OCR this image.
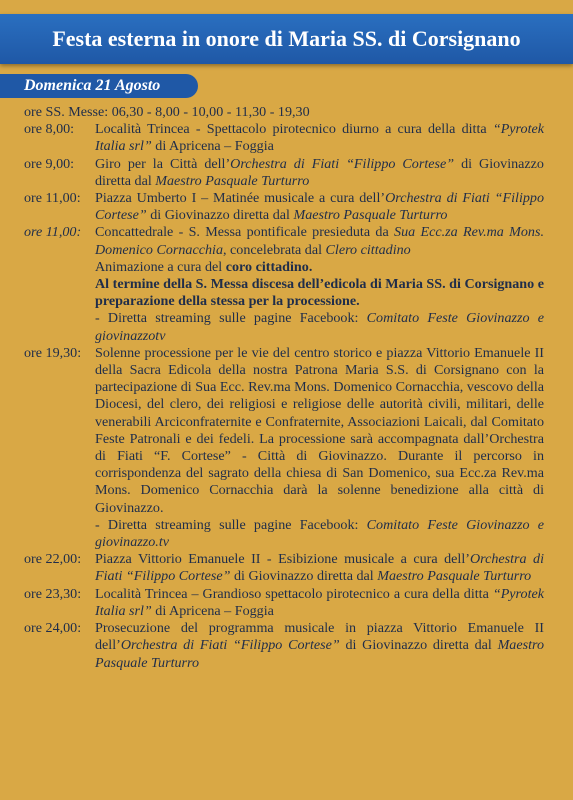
Festa esterna in onore di Maria SS. di Corsignano
Domenica 21 Agosto
ore SS. Messe: 06,30 - 8,00 - 10,00 - 11,30 - 19,30
ore 8,00:	Località Trincea - Spettacolo pirotecnico diurno a cura della ditta “Pyrotek Italia srl” di Apricena – Foggia
ore 9,00:	Giro per la Città dell’Orchestra di Fiati “Filippo Cortese” di Giovinazzo diretta dal Maestro Pasquale Turturro
ore 11,00:	Piazza Umberto I – Matinée musicale a cura dell’Orchestra di Fiati “Filippo Cortese” di Giovinazzo diretta dal Maestro Pasquale Turturro
ore 11,00: Concattedrale - S. Messa pontificale presieduta da Sua Ecc.za Rev.ma Mons. Domenico Cornacchia, concelebrata dal Clero cittadino
Animazione a cura del coro cittadino.
Al termine della S. Messa discesa dell’edicola di Maria SS. di Corsignano e preparazione della stessa per la processione.
- Diretta streaming sulle pagine Facebook: Comitato Feste Giovinazzo e giovinazzotv
ore 19,30: Solenne processione per le vie del centro storico e piazza Vittorio Emanuele II della Sacra Edicola della nostra Patrona Maria S.S. di Corsignano con la partecipazione di Sua Ecc. Rev.ma Mons. Domenico Cornacchia, vescovo della Diocesi, del clero, dei religiosi e religiose delle autorità civili, militari, delle venerabili Arciconfraternite e Confraternite, Associazioni Laicali, dal Comitato Feste Patronali e dei fedeli. La processione sarà accompagnata dall’Orchestra di Fiati “F. Cortese” - Città di Giovinazzo. Durante il percorso in corrispondenza del sagrato della chiesa di San Domenico, sua Ecc.za Rev.ma Mons. Domenico Cornacchia darà la solenne benedizione alla città di Giovinazzo.
- Diretta streaming sulle pagine Facebook: Comitato Feste Giovinazzo e giovinazzo.tv
ore 22,00: Piazza Vittorio Emanuele II - Esibizione musicale a cura dell’Orchestra di Fiati “Filippo Cortese” di Giovinazzo diretta dal Maestro Pasquale Turturro
ore 23,30: Località Trincea – Grandioso spettacolo pirotecnico a cura della ditta “Pyrotek Italia srl” di Apricena – Foggia
ore 24,00: Prosecuzione del programma musicale in piazza Vittorio Emanuele II dell’Orchestra di Fiati “Filippo Cortese” di Giovinazzo diretta dal Maestro Pasquale Turturro
